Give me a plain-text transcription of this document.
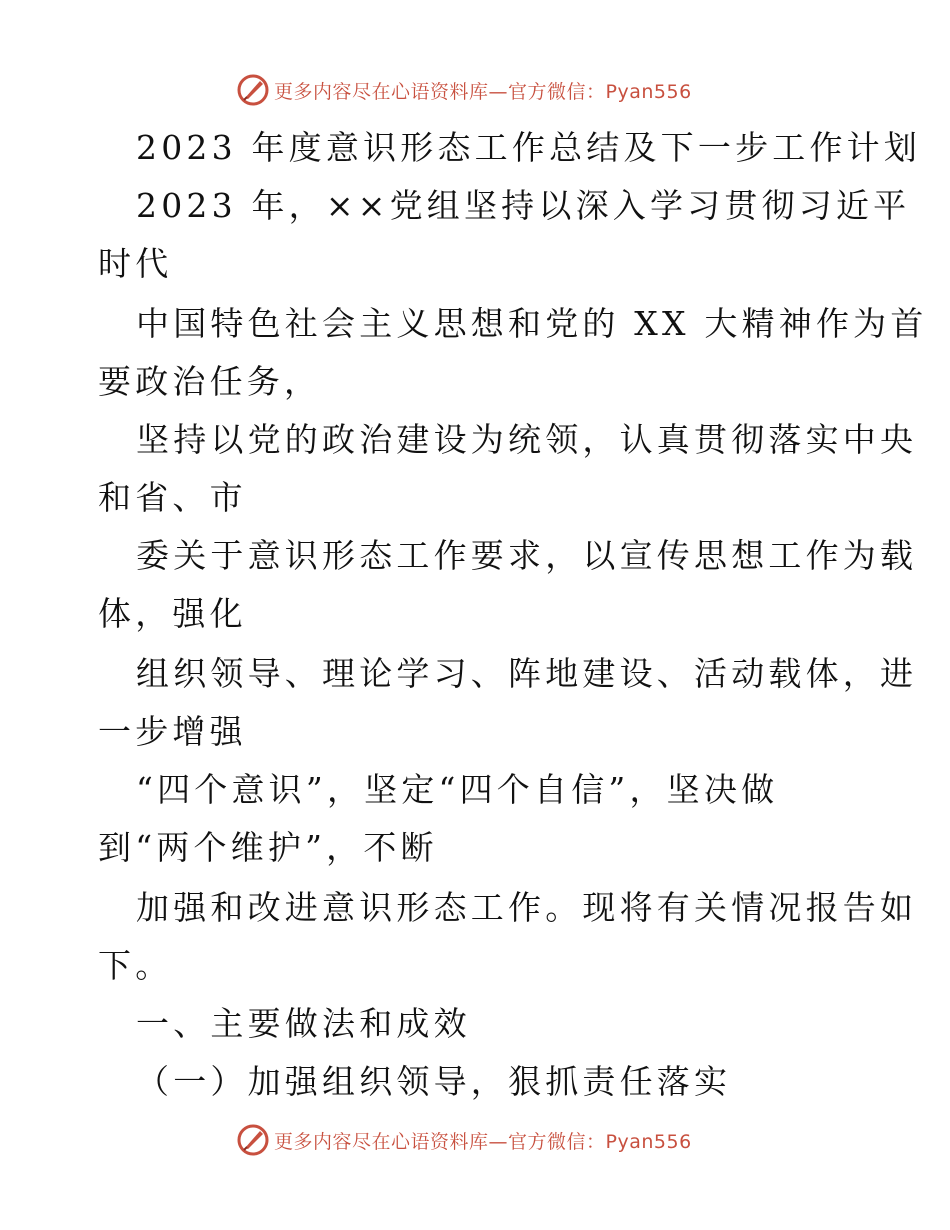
更多内容尽在心语资料库—官方微信：Pyan556
2023 年度意识形态工作总结及下一步工作计划
2023 年，××党组坚持以深入学习贯彻习近平
时代
中国特色社会主义思想和党的 XX 大精神作为首
要政治任务，
坚持以党的政治建设为统领，认真贯彻落实中央
和省、市
委关于意识形态工作要求，以宣传思想工作为载
体，强化
组织领导、理论学习、阵地建设、活动载体，进
一步增强
“四个意识”，坚定“四个自信”，坚决做
到“两个维护”，不断
加强和改进意识形态工作。现将有关情况报告如
下。
一、主要做法和成效
（一）加强组织领导，狠抓责任落实
更多内容尽在心语资料库—官方微信：Pyan556
